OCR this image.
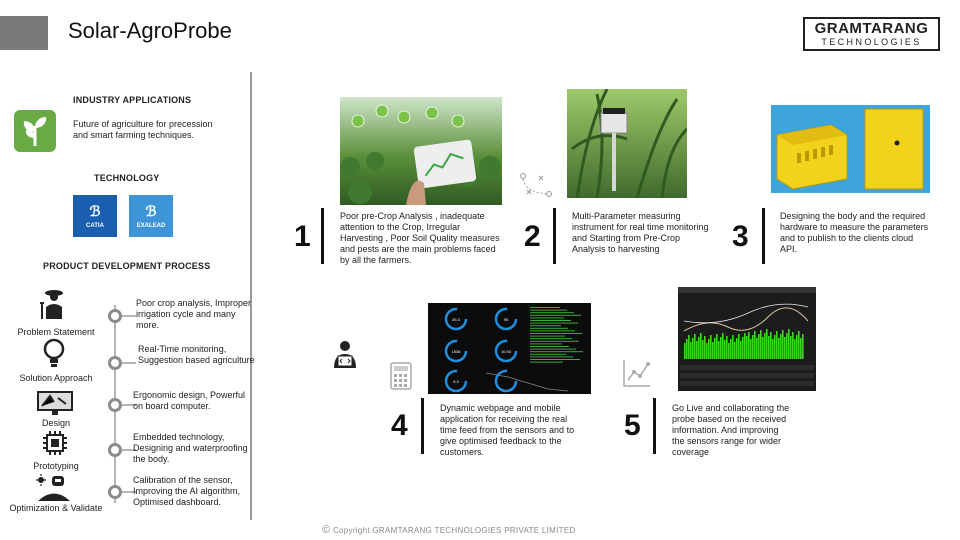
Solar-AgroProbe	GRAMTARANG
TECHNOLOGIES
INDUSTRY APPLICATIONS
Future of agriculture for precession and smart farming techniques.
TECHNOLOGY
ℬ
CATIA
ℬ
EXALEAD
PRODUCT DEVELOPMENT PROCESS
Problem Statement
Poor crop analysis, Improper irrigation cycle and many more.
Solution Approach
Real-Time monitoring, Suggestion based agriculture
Design
Ergonomic design, Powerful on board computer.
Prototyping
Embedded technology, Designing and waterproofing the body.
Optimization & Validate
Calibration of the sensor, Improving the AI algorithm, Optimised dashboard.
1
Poor pre-Crop Analysis , inadequate attention to the Crop, Irregular Harvesting , Poor Soil Quality measures and pests are the main problems faced by all the farmers.
2
Multi-Parameter measuring instrument for real time monitoring and Starting from Pre-Crop Analysis to harvesting	3
Designing the body and the required hardware to measure the parameters and to publish to the clients cloud API.
26.3	95
1536	10.93
8.3
4
Dynamic webpage and mobile application for receiving the real time feed from the sensors and to give optimised feedback to the customers.
5
Go Live and collaborating the probe based on the received information. And improving the sensors range for wider coverage
© Copyright GRAMTARANG TECHNOLOGIES PRIVATE LIMITED
